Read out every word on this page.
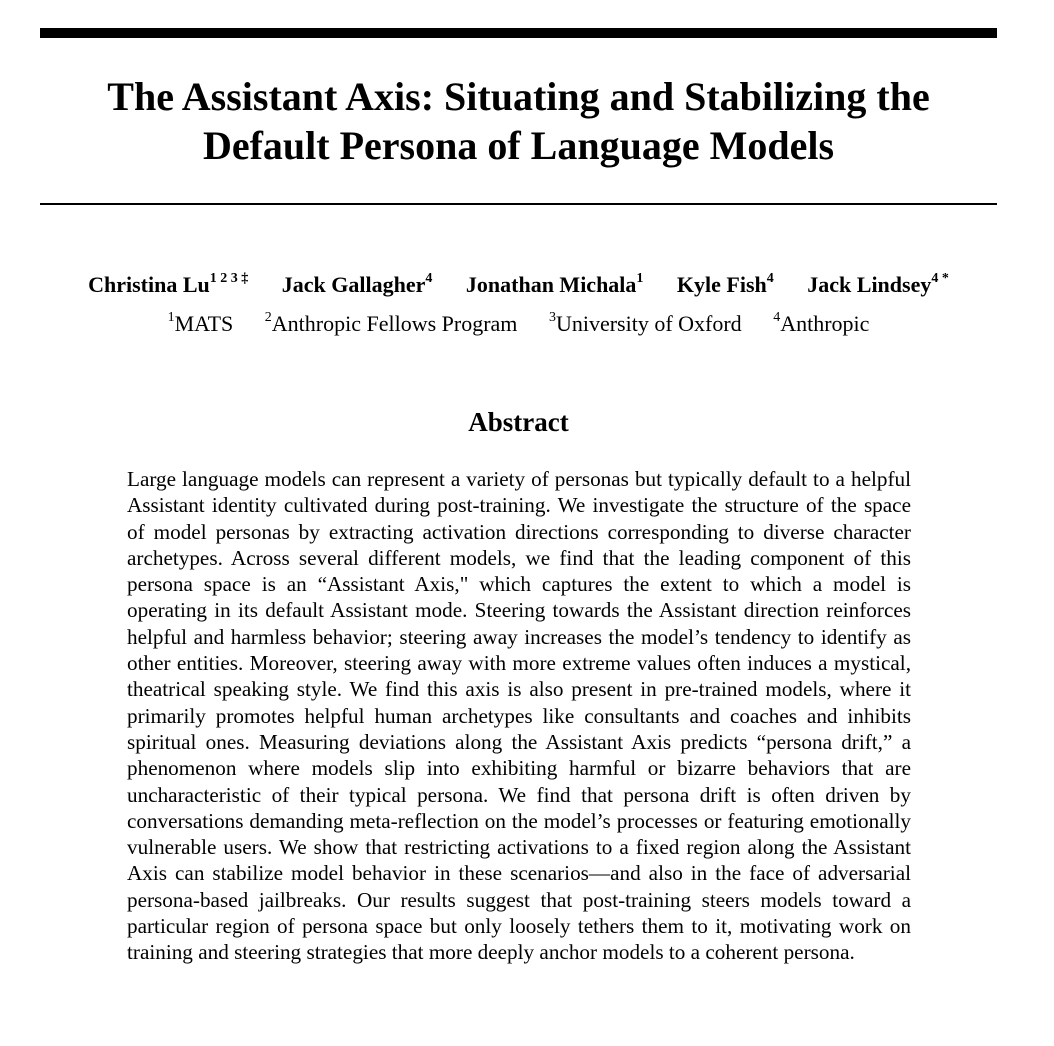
The Assistant Axis: Situating and Stabilizing the
Default Persona of Language Models
Christina $Lu^{1 2 3 \ddagger}$ Jack Gallagher$^4$ Jonathan Michala$^1$ Kyle Fish$^4$ Jack Lindsey$^{4 *}$
$^1$MATS $^2$Anthropic Fellows Program $^3$University of Oxford $^4$Anthropic
Abstract

Large language models can represent a variety of personas but typically default to a helpful Assistant identity cultivated during post-training. We investigate the structure of the space of model personas by extracting activation directions corresponding to diverse character archetypes. Across several different models, we find that the leading component of this persona space is an “Assistant Axis," which captures the extent to which a model is operating in its default Assistant mode. Steering towards the Assistant direction reinforces helpful and harmless behavior; steering away increases the model’s tendency to identify as other entities. Moreover, steering away with more extreme values often induces a mystical, theatrical speaking style. We find this axis is also present in pre-trained models, where it primarily promotes helpful human archetypes like consultants and coaches and inhibits spiritual ones. Measuring deviations along the Assistant Axis predicts “persona drift,” a phenomenon where models slip into exhibiting harmful or bizarre behaviors that are uncharacteristic of their typical persona. We find that persona drift is often driven by conversations demanding meta-reflection on the model’s processes or featuring emotionally vulnerable users. We show that restricting activations to a fixed region along the Assistant Axis can stabilize model behavior in these scenarios—and also in the face of adversarial persona-based jailbreaks. Our results suggest that post-training steers models toward a particular region of persona space but only loosely tethers them to it, motivating work on training and steering strategies that more deeply anchor models to a coherent persona.
